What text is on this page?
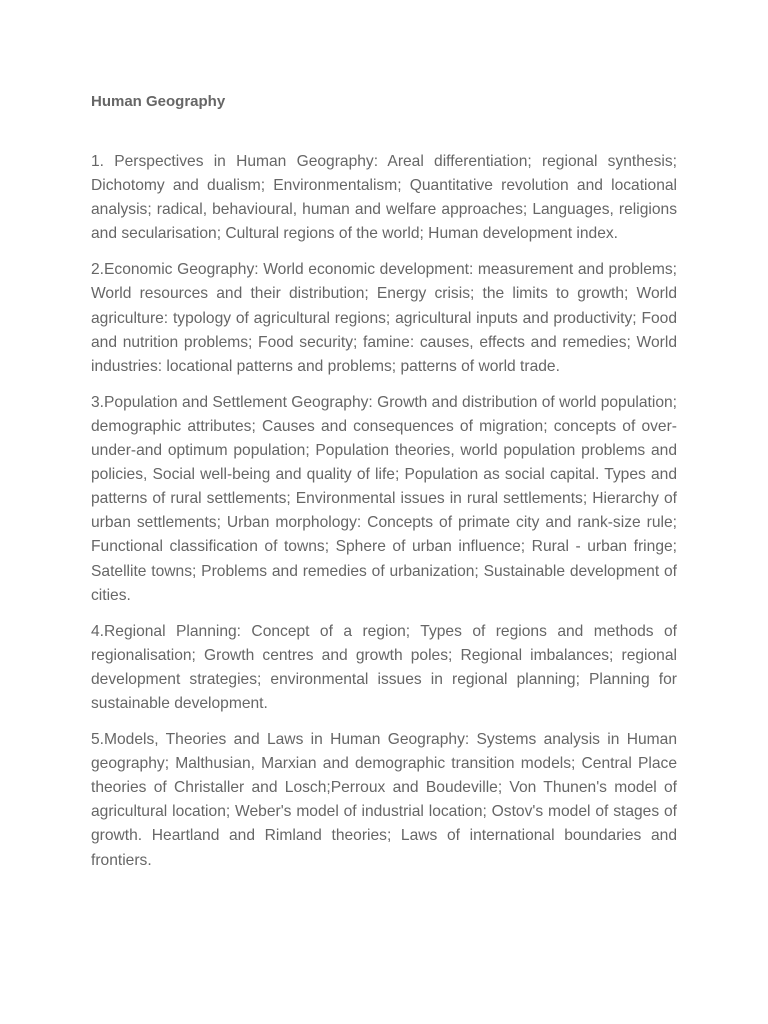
Human Geography

1. Perspectives in Human Geography: Areal differentiation; regional synthesis; Dichotomy and dualism; Environmentalism; Quantitative revolution and locational analysis; radical, behavioural, human and welfare approaches; Languages, religions and secularisation; Cultural regions of the world; Human development index.

2.Economic Geography: World economic development: measurement and problems; World resources and their distribution; Energy crisis; the limits to growth; World agriculture: typology of agricultural regions; agricultural inputs and productivity; Food and nutrition problems; Food security; famine: causes, effects and remedies; World industries: locational patterns and problems; patterns of world trade.

3.Population and Settlement Geography: Growth and distribution of world population; demographic attributes; Causes and consequences of migration; concepts of over-under-and optimum population; Population theories, world population problems and policies, Social well-being and quality of life; Population as social capital. Types and patterns of rural settlements; Environmental issues in rural settlements; Hierarchy of urban settlements; Urban morphology: Concepts of primate city and rank-size rule; Functional classification of towns; Sphere of urban influence; Rural - urban fringe; Satellite towns; Problems and remedies of urbanization; Sustainable development of cities.

4.Regional Planning: Concept of a region; Types of regions and methods of regionalisation; Growth centres and growth poles; Regional imbalances; regional development strategies; environmental issues in regional planning; Planning for sustainable development.

5.Models, Theories and Laws in Human Geography: Systems analysis in Human geography; Malthusian, Marxian and demographic transition models; Central Place theories of Christaller and Losch;Perroux and Boudeville; Von Thunen's model of agricultural location; Weber's model of industrial location; Ostov's model of stages of growth. Heartland and Rimland theories; Laws of international boundaries and frontiers.
